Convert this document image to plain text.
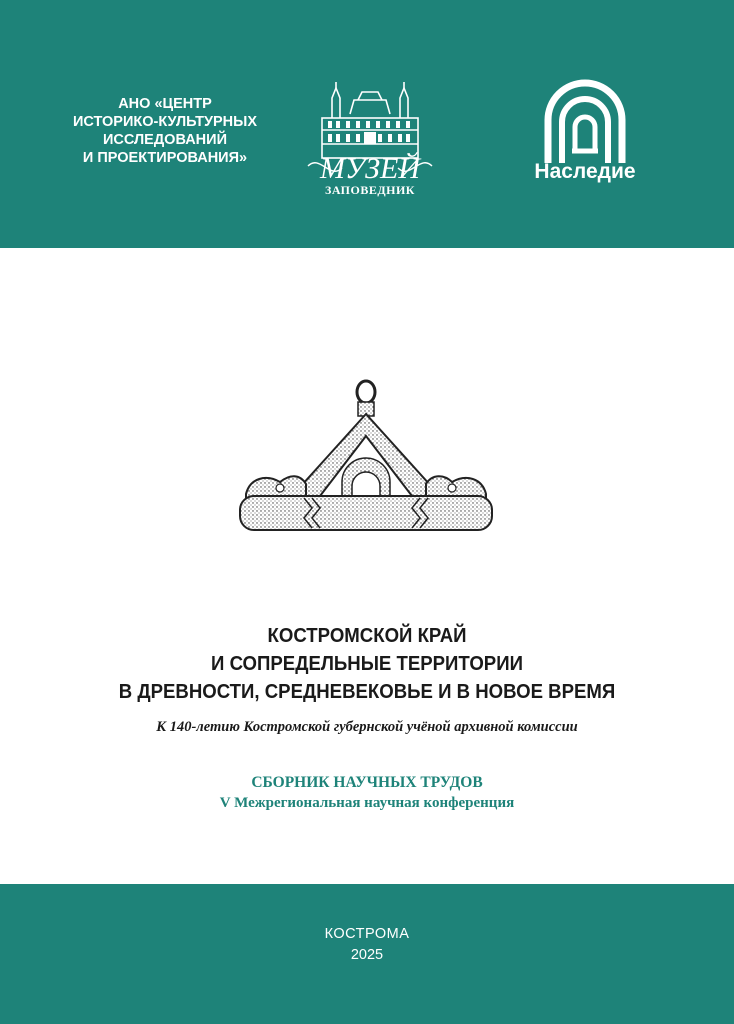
АНО «ЦЕНТР
ИСТОРИКО-КУЛЬТУРНЫХ
ИССЛЕДОВАНИЙ
И ПРОЕКТИРОВАНИЯ»	МУЗЕЙ
ЗАПОВЕДНИК
Наследие
КОСТРОМСКОЙ КРАЙ
И СОПРЕДЕЛЬНЫЕ ТЕРРИТОРИИ
В ДРЕВНОСТИ, СРЕДНЕВЕКОВЬЕ И В НОВОЕ ВРЕМЯ
К 140-летию Костромской губернской учёной архивной комиссии
СБОРНИК НАУЧНЫХ ТРУДОВ
V Межрегиональная научная конференция
КОСТРОМА
2025
